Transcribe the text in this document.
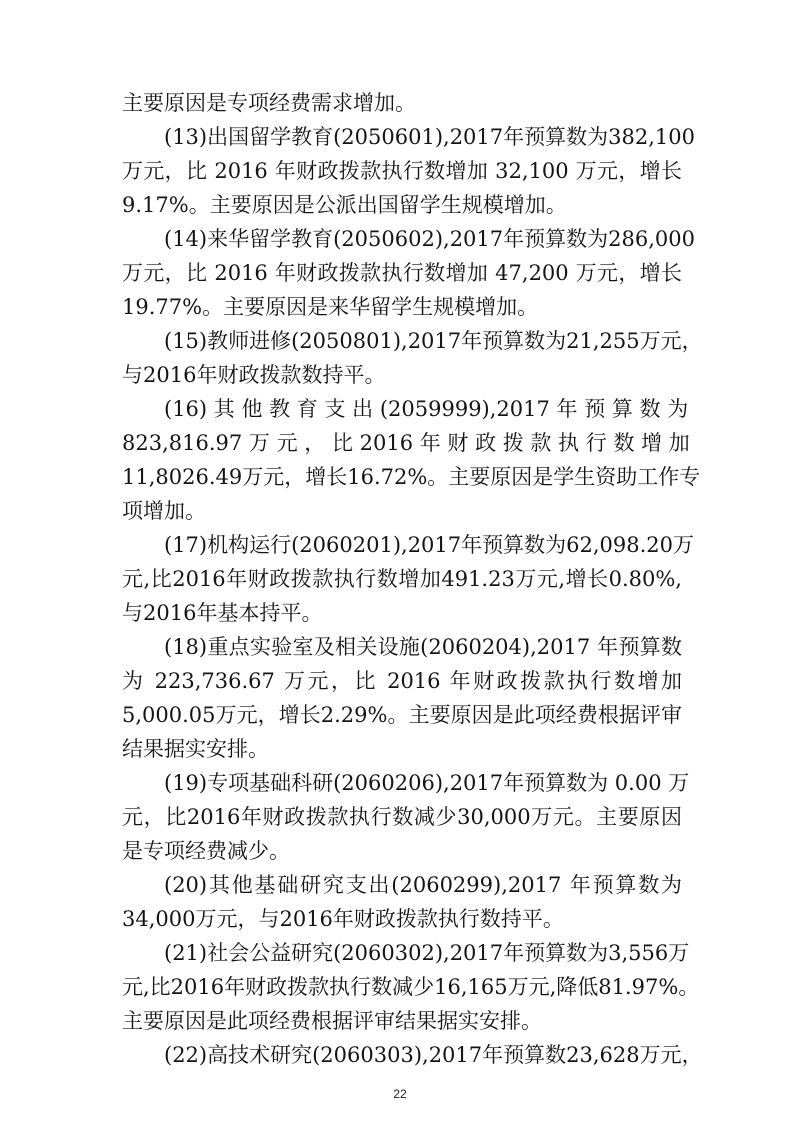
主要原因是专项经费需求增加。
(13)出国留学教育(2050601),2017年预算数为382,100
万元，比 2016 年财政拨款执行数增加 32,100 万元，增长
9.17%。主要原因是公派出国留学生规模增加。
(14)来华留学教育(2050602),2017年预算数为286,000
万元，比 2016 年财政拨款执行数增加 47,200 万元，增长
19.77%。主要原因是来华留学生规模增加。
(15)教师进修(2050801),2017年预算数为21,255万元，
与2016年财政拨款数持平。
(16) 其 他 教 育 支 出 (2059999),2017 年 预 算 数 为
823,816.97 万 元 ， 比 2016 年 财 政 拨 款 执 行 数 增 加
11,8026.49万元，增长16.72%。主要原因是学生资助工作专
项增加。
(17)机构运行(2060201),2017年预算数为62,098.20万
元,比2016年财政拨款执行数增加491.23万元,增长0.80%,
与2016年基本持平。
(18)重点实验室及相关设施(2060204),2017 年预算数
为 223,736.67 万元，比 2016 年财政拨款执行数增加
5,000.05万元，增长2.29%。主要原因是此项经费根据评审
结果据实安排。
(19)专项基础科研(2060206),2017年预算数为 0.00 万
元，比2016年财政拨款执行数减少30,000万元。主要原因
是专项经费减少。
(20)其他基础研究支出(2060299),2017 年预算数为
34,000万元，与2016年财政拨款执行数持平。
(21)社会公益研究(2060302),2017年预算数为3,556万
元,比2016年财政拨款执行数减少16,165万元,降低81.97%。
主要原因是此项经费根据评审结果据实安排。
(22)高技术研究(2060303),2017年预算数23,628万元，
22
